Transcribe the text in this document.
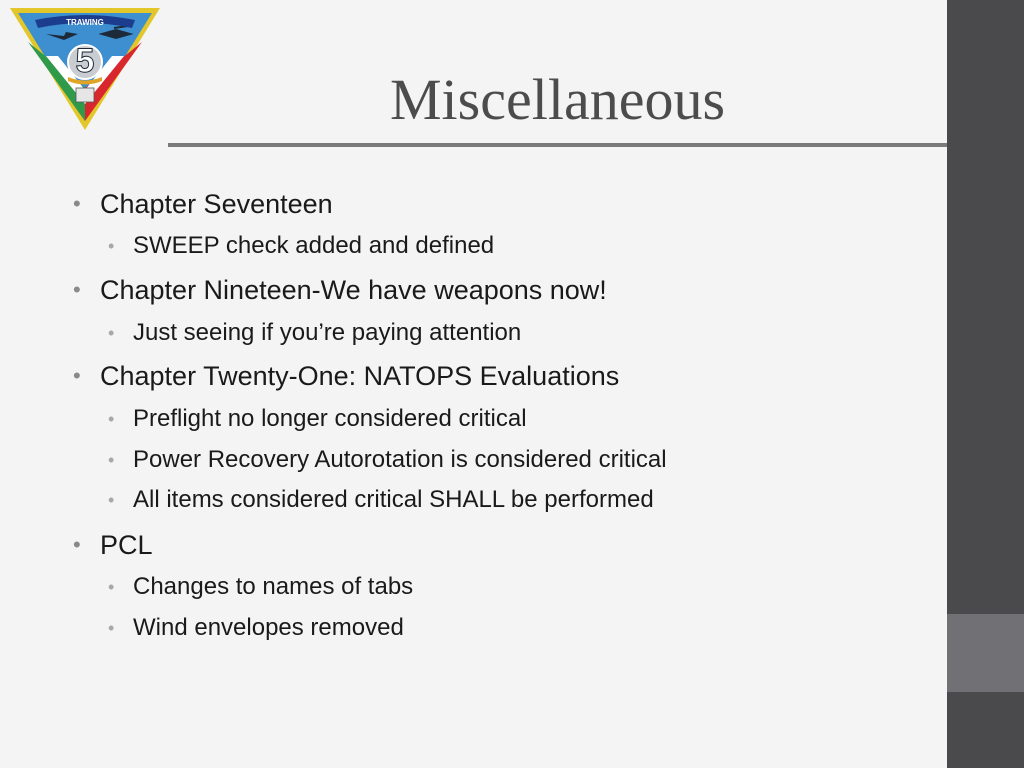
5
TRAWING
Miscellaneous
• Chapter Seventeen
• SWEEP check added and defined
• Chapter Nineteen-We have weapons now!
• Just seeing if you’re paying attention
• Chapter Twenty-One: NATOPS Evaluations
• Preflight no longer considered critical
• Power Recovery Autorotation is considered critical
• All items considered critical SHALL be performed
• PCL
• Changes to names of tabs
• Wind envelopes removed
